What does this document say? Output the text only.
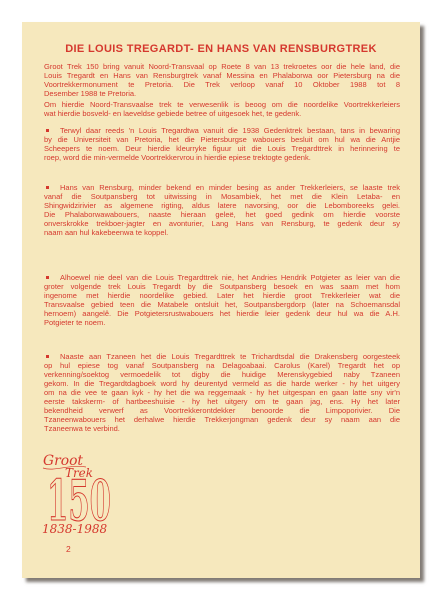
DIE LOUIS TREGARDT- EN HANS VAN RENSBURGTREK
Groot Trek 150 bring vanuit Noord-Transvaal op Roete 8 van 13 trekroetes oor die hele land, die
Louis Tregardt en Hans van Rensburgtrek vanaf Messina en Phalaborwa oor Pietersburg na die
Voortrekkermonument te Pretoria. Die Trek verloop vanaf 10 Oktober 1988 tot 8
Desember 1988 te Pretoria.
Om hierdie Noord-Transvaalse trek te verwesenlik is beoog om die noordelike Voortrekkerleiers
wat hierdie bosveld- en laeveldse gebiede betree of uitgesoek het, te gedenk.
Terwyl daar reeds 'n Louis Tregardtwa vanuit die 1938 Gedenktrek bestaan, tans in bewaring
by die Universiteit van Pretoria, het die Pietersburgse wabouers besluit om hul wa die Antjie
Scheepers te noem. Deur hierdie kleurryke figuur uit die Louis Tregardttrek in herinnering te
roep, word die min-vermelde Voortrekkervrou in hierdie epiese trektogte gedenk.
Hans van Rensburg, minder bekend en minder besing as ander Trekkerleiers, se laaste trek
vanaf die Soutpansberg tot uitwissing in Mosambiek, het met die Klein Letaba- en
Shingwidzirivier as algemene rigting, aldus latere navorsing, oor die Lebomboreeks gelei.
Die Phalaborwawabouers, naaste hieraan geleë, het goed gedink om hierdie voorste
onverskrokke trekboer-jagter en avonturier, Lang Hans van Rensburg, te gedenk deur sy
naam aan hul kakebeenwa te koppel.
Alhoewel nie deel van die Louis Tregardttrek nie, het Andries Hendrik Potgieter as leier van die
groter volgende trek Louis Tregardt by die Soutpansberg besoek en was saam met hom
ingenome met hierdie noordelike gebied. Later het hierdie groot Trekkerleier wat die
Transvaalse gebied teen die Matabele ontsluit het, Soutpansbergdorp (later na Schoemansdal
hernoem) aangelê. Die Potgietersrustwabouers het hierdie leier gedenk deur hul wa die A.H.
Potgieter te noem.
Naaste aan Tzaneen het die Louis Tregardttrek te Trichardtsdal die Drakensberg oorgesteek
op hul epiese tog vanaf Soutpansberg na Delagoabaai. Carolus (Karel) Tregardt het op
verkenning/soektog vermoedelik tot digby die huidige Merenskygebied naby Tzaneen
gekom. In die Tregardtdagboek word hy deurentyd vermeld as die harde werker - hy het uitgery
om na die vee te gaan kyk - hy het die wa reggemaak - hy het uitgespan en gaan latte sny vir'n
eerste takskerm- of hartbeeshuisie - hy het uitgery om te gaan jag, ens. Hy het later
bekendheid verwerf as Voortrekkerontdekker benoorde die Limpoporivier. Die
Tzaneenwabouers het derhalwe hierdie Trekkerjongman gedenk deur sy naam aan die
Tzaneenwa te verbind.
Groot
Trek
150
1838-1988
2
